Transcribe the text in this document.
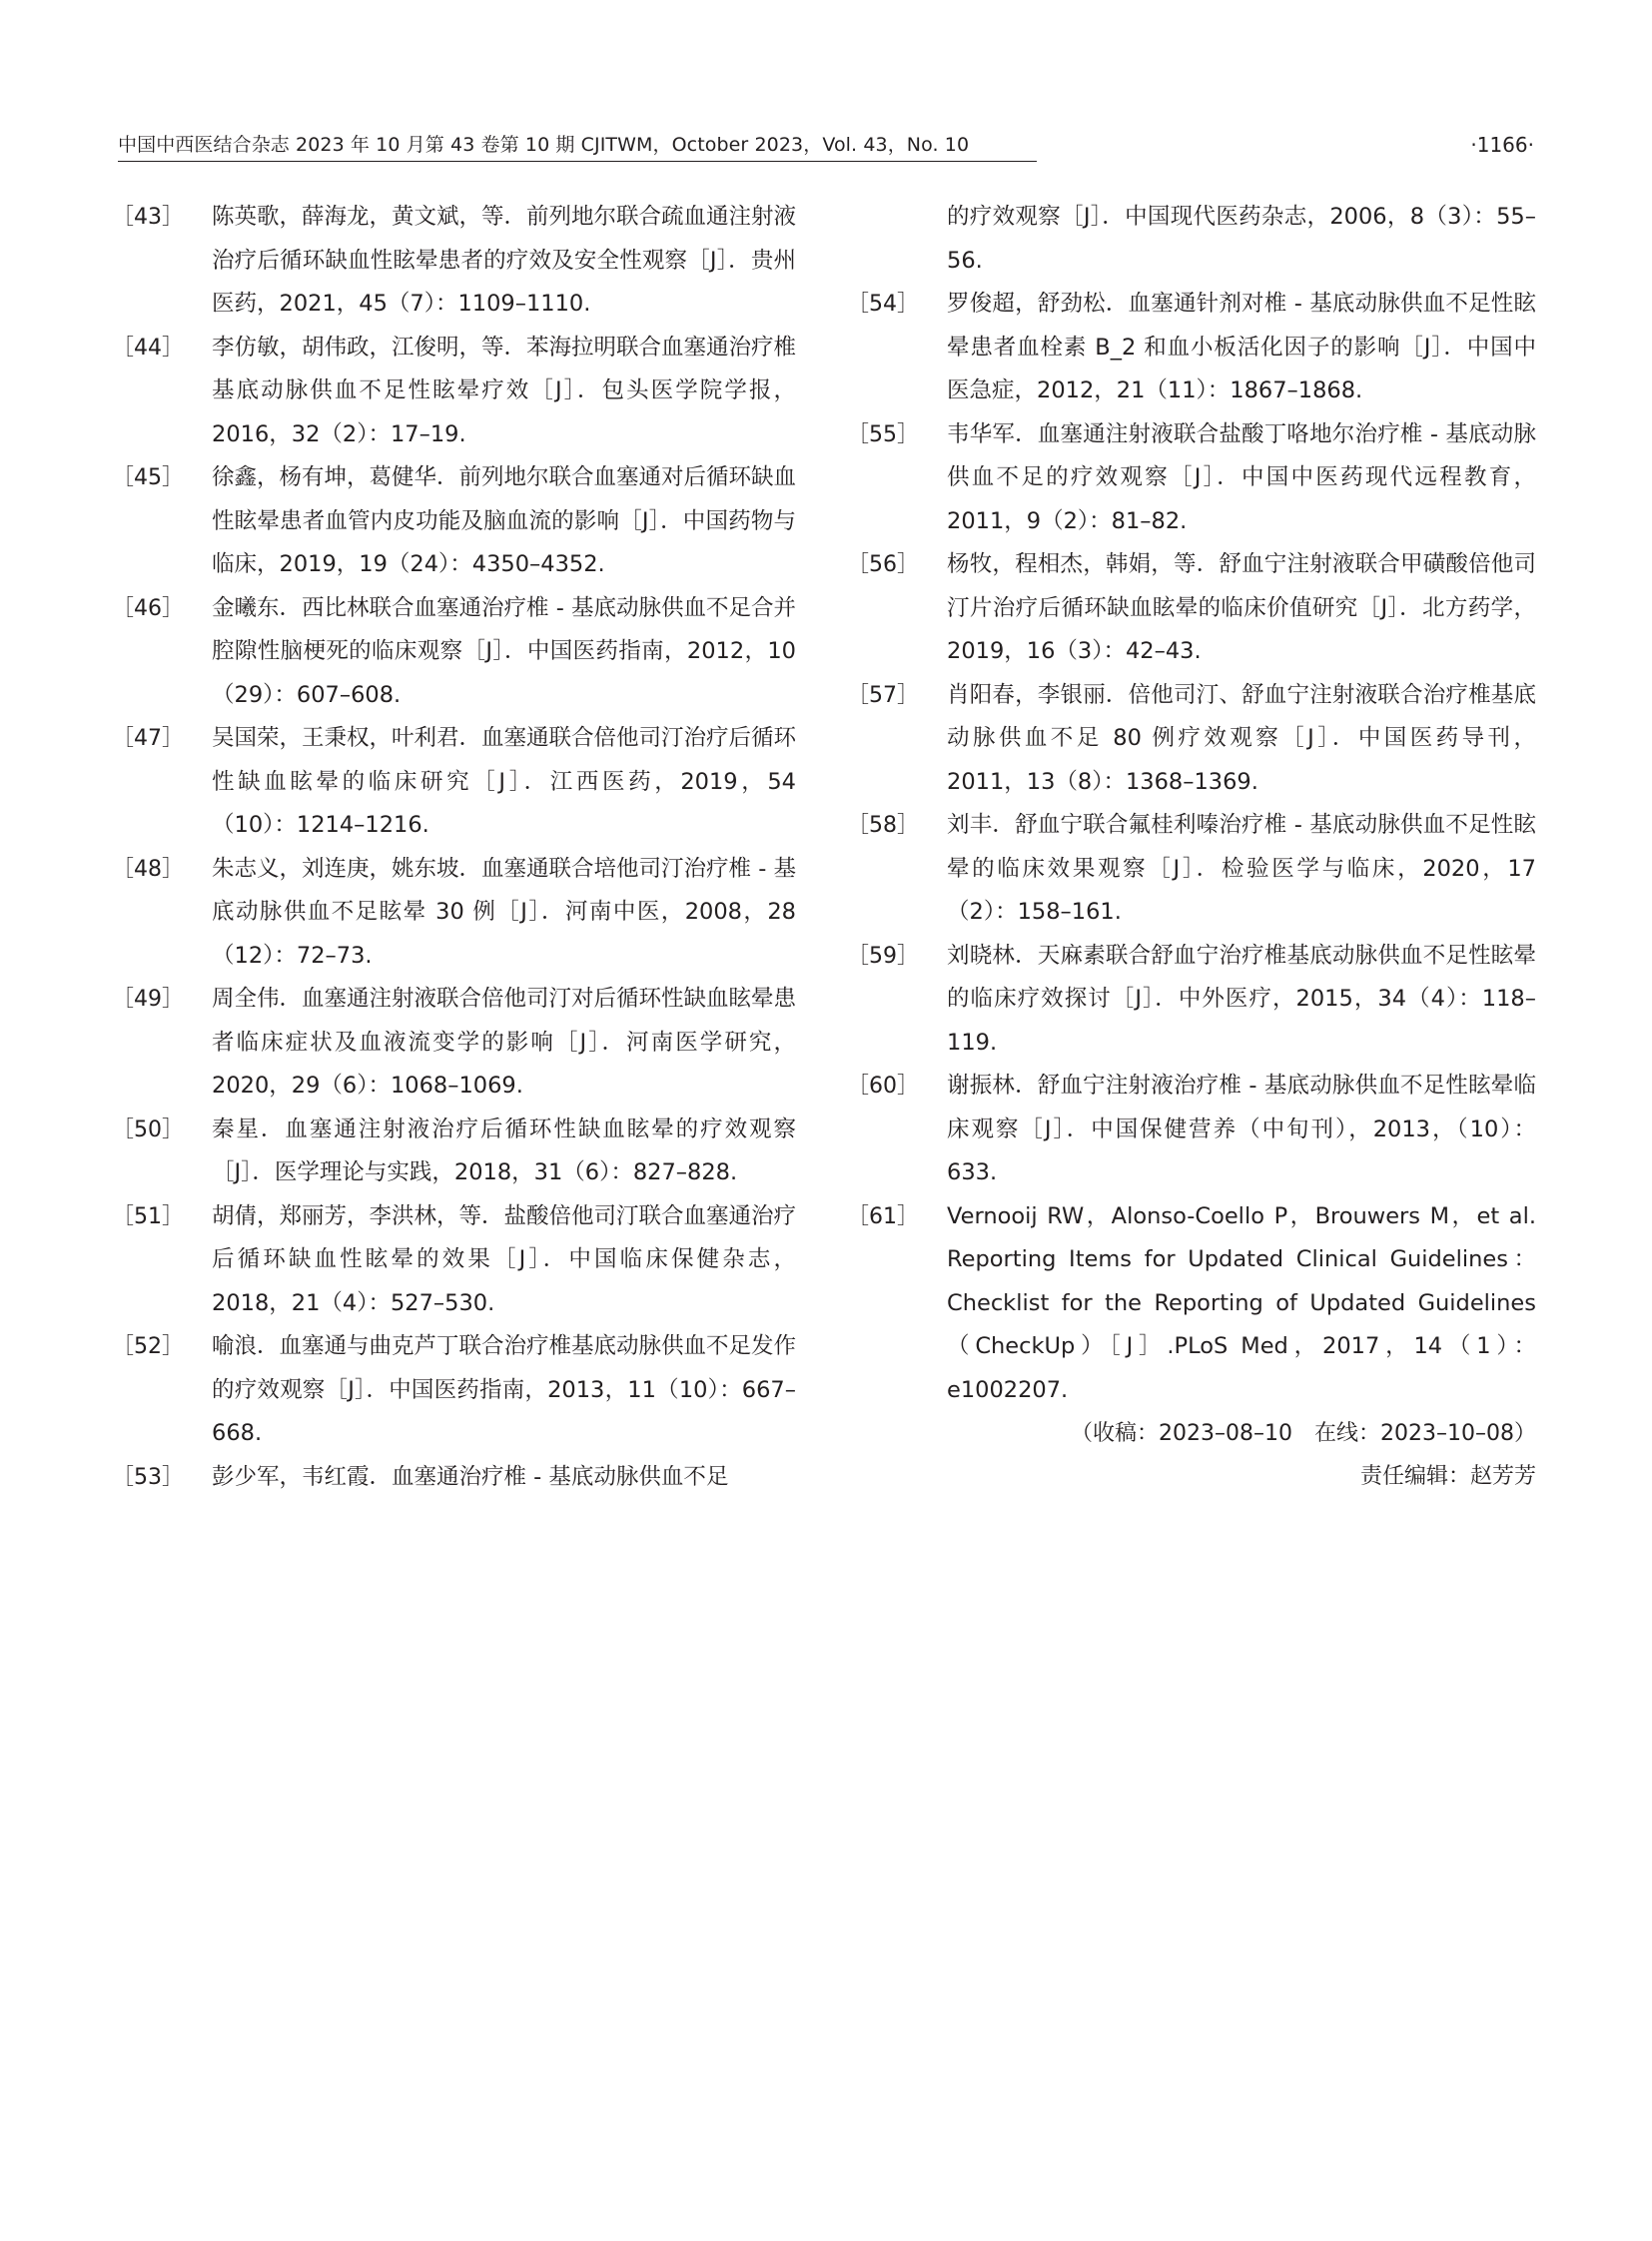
中国中西医结合杂志 2023 年 10 月第 43 卷第 10 期 CJITWM，October 2023，Vol. 43，No. 10	·1166·
［43］ 陈英歌，薛海龙，黄文斌，等．前列地尔联合疏血通注射液治疗后循环缺血性眩晕患者的疗效及安全性观察［J］．贵州医药，2021，45（7）：1109–1110.
［44］ 李仿敏，胡伟政，江俊明，等．苯海拉明联合血塞通治疗椎基底动脉供血不足性眩晕疗效［J］．包头医学院学报，2016，32（2）：17–19.
［45］ 徐鑫，杨有坤，葛健华．前列地尔联合血塞通对后循环缺血性眩晕患者血管内皮功能及脑血流的影响［J］．中国药物与临床，2019，19（24）：4350–4352.
［46］ 金曦东．西比林联合血塞通治疗椎 - 基底动脉供血不足合并腔隙性脑梗死的临床观察［J］．中国医药指南，2012，10（29）：607–608.
［47］ 吴国荣，王秉权，叶利君．血塞通联合倍他司汀治疗后循环性缺血眩晕的临床研究［J］．江西医药，2019，54（10）：1214–1216.
［48］ 朱志义，刘连庚，姚东坡．血塞通联合培他司汀治疗椎 - 基底动脉供血不足眩晕 30 例［J］．河南中医，2008，28（12）：72–73.
［49］ 周全伟．血塞通注射液联合倍他司汀对后循环性缺血眩晕患者临床症状及血液流变学的影响［J］．河南医学研究，2020，29（6）：1068–1069.
［50］ 秦星．血塞通注射液治疗后循环性缺血眩晕的疗效观察［J］．医学理论与实践，2018，31（6）：827–828.
［51］ 胡倩，郑丽芳，李洪林，等．盐酸倍他司汀联合血塞通治疗后循环缺血性眩晕的效果［J］．中国临床保健杂志，2018，21（4）：527–530.
［52］ 喻浪．血塞通与曲克芦丁联合治疗椎基底动脉供血不足发作的疗效观察［J］．中国医药指南，2013，11（10）：667–668.
［53］ 彭少军，韦红霞．血塞通治疗椎 - 基底动脉供血不足
的疗效观察［J］．中国现代医药杂志，2006，8（3）：55–56.
［54］ 罗俊超，舒劲松．血塞通针剂对椎 - 基底动脉供血不足性眩晕患者血栓素 B_2 和血小板活化因子的影响［J］．中国中医急症，2012，21（11）：1867–1868.
［55］ 韦华军．血塞通注射液联合盐酸丁咯地尔治疗椎 - 基底动脉供血不足的疗效观察［J］．中国中医药现代远程教育，2011，9（2）：81–82.
［56］ 杨牧，程相杰，韩娟，等．舒血宁注射液联合甲磺酸倍他司汀片治疗后循环缺血眩晕的临床价值研究［J］．北方药学，2019，16（3）：42–43.
［57］ 肖阳春，李银丽．倍他司汀、舒血宁注射液联合治疗椎基底动脉供血不足 80 例疗效观察［J］．中国医药导刊，2011，13（8）：1368–1369.
［58］ 刘丰．舒血宁联合氟桂利嗪治疗椎 - 基底动脉供血不足性眩晕的临床效果观察［J］．检验医学与临床，2020，17（2）：158–161.
［59］ 刘晓林．天麻素联合舒血宁治疗椎基底动脉供血不足性眩晕的临床疗效探讨［J］．中外医疗，2015，34（4）：118–119.
［60］ 谢振林．舒血宁注射液治疗椎 - 基底动脉供血不足性眩晕临床观察［J］．中国保健营养（中旬刊），2013，（10）：633.
［61］ Vernooij RW，Alonso-Coello P，Brouwers M，et al. Reporting Items for Updated Clinical Guidelines：Checklist for the Reporting of Updated Guidelines（CheckUp）［J］.PLoS Med，2017，14（1）：e1002207.
（收稿：2023–08–10　在线：2023–10–08）
责任编辑：赵芳芳
